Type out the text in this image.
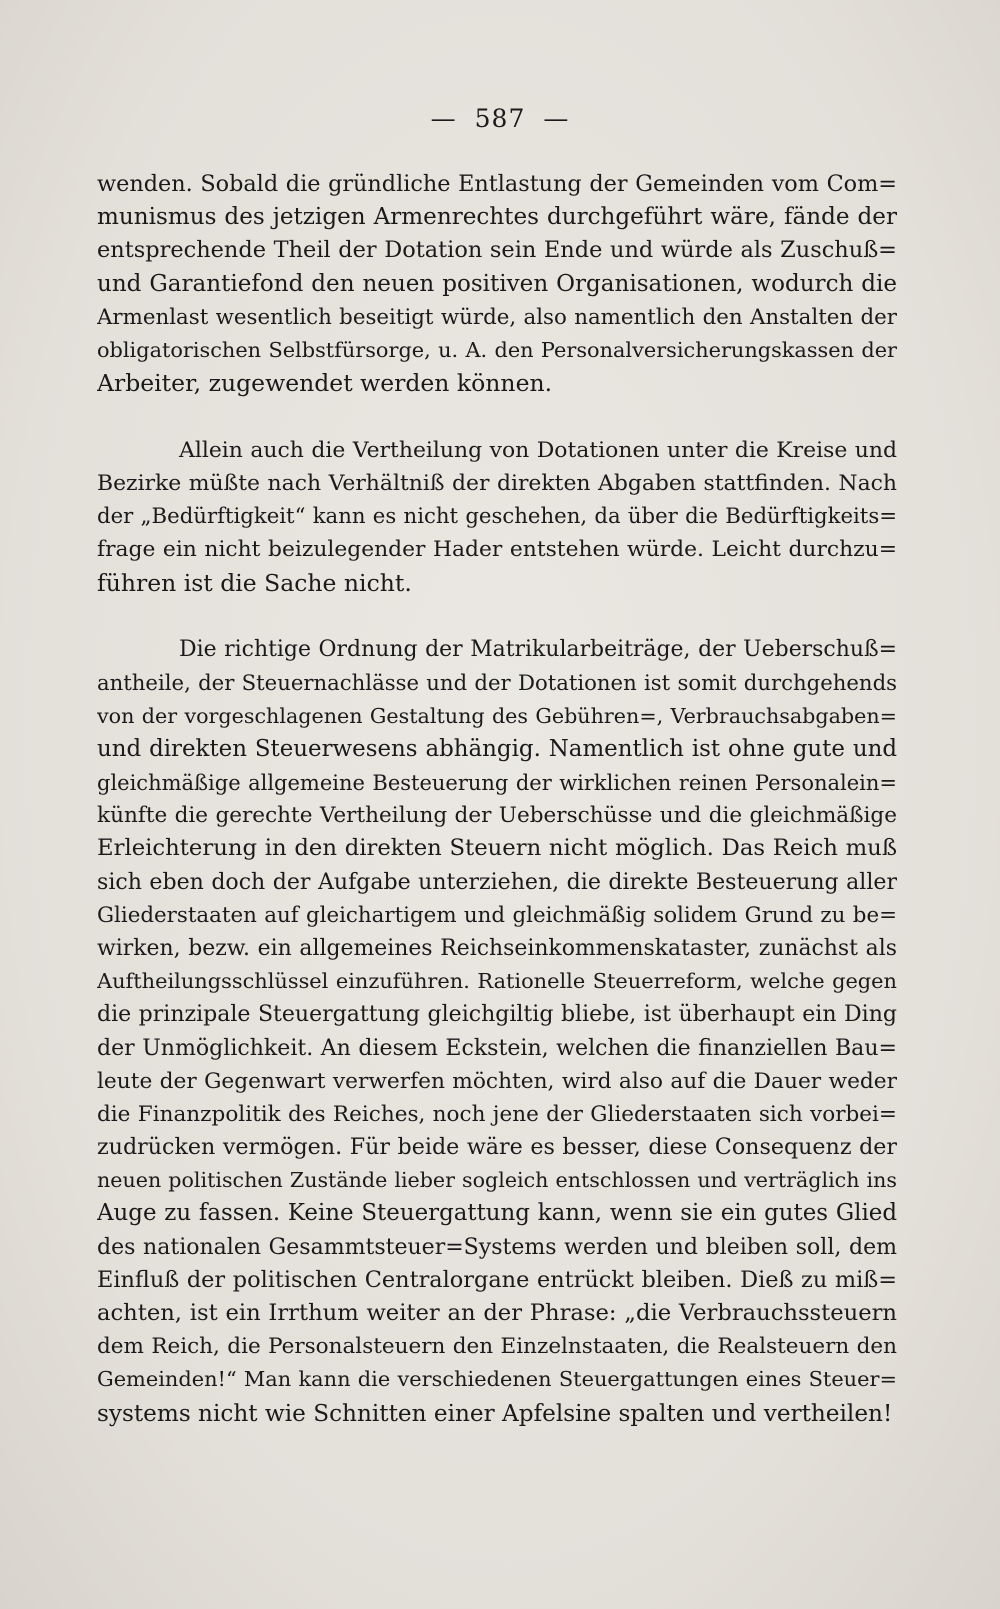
— 587 —
wenden. Sobald die gründliche Entlastung der Gemeinden vom Com=
munismus des jetzigen Armenrechtes durchgeführt wäre, fände der
entsprechende Theil der Dotation sein Ende und würde als Zuschuß=
und Garantiefond den neuen positiven Organisationen, wodurch die
Armenlast wesentlich beseitigt würde, also namentlich den Anstalten der
obligatorischen Selbstfürsorge, u. A. den Personalversicherungskassen der
Arbeiter, zugewendet werden können.
Allein auch die Vertheilung von Dotationen unter die Kreise und
Bezirke müßte nach Verhältniß der direkten Abgaben stattfinden. Nach
der „Bedürftigkeit“ kann es nicht geschehen, da über die Bedürftigkeits=
frage ein nicht beizulegender Hader entstehen würde. Leicht durchzu=
führen ist die Sache nicht.
Die richtige Ordnung der Matrikularbeiträge, der Ueberschuß=
antheile, der Steuernachlässe und der Dotationen ist somit durchgehends
von der vorgeschlagenen Gestaltung des Gebühren=, Verbrauchsabgaben=
und direkten Steuerwesens abhängig. Namentlich ist ohne gute und
gleichmäßige allgemeine Besteuerung der wirklichen reinen Personalein=
künfte die gerechte Vertheilung der Ueberschüsse und die gleichmäßige
Erleichterung in den direkten Steuern nicht möglich. Das Reich muß
sich eben doch der Aufgabe unterziehen, die direkte Besteuerung aller
Gliederstaaten auf gleichartigem und gleichmäßig solidem Grund zu be=
wirken, bezw. ein allgemeines Reichseinkommenskataster, zunächst als
Auftheilungsschlüssel einzuführen. Rationelle Steuerreform, welche gegen
die prinzipale Steuergattung gleichgiltig bliebe, ist überhaupt ein Ding
der Unmöglichkeit. An diesem Eckstein, welchen die finanziellen Bau=
leute der Gegenwart verwerfen möchten, wird also auf die Dauer weder
die Finanzpolitik des Reiches, noch jene der Gliederstaaten sich vorbei=
zudrücken vermögen. Für beide wäre es besser, diese Consequenz der
neuen politischen Zustände lieber sogleich entschlossen und verträglich ins
Auge zu fassen. Keine Steuergattung kann, wenn sie ein gutes Glied
des nationalen Gesammtsteuer=Systems werden und bleiben soll, dem
Einfluß der politischen Centralorgane entrückt bleiben. Dieß zu miß=
achten, ist ein Irrthum weiter an der Phrase: „die Verbrauchssteuern
dem Reich, die Personalsteuern den Einzelnstaaten, die Realsteuern den
Gemeinden!“ Man kann die verschiedenen Steuergattungen eines Steuer=
systems nicht wie Schnitten einer Apfelsine spalten und vertheilen!
